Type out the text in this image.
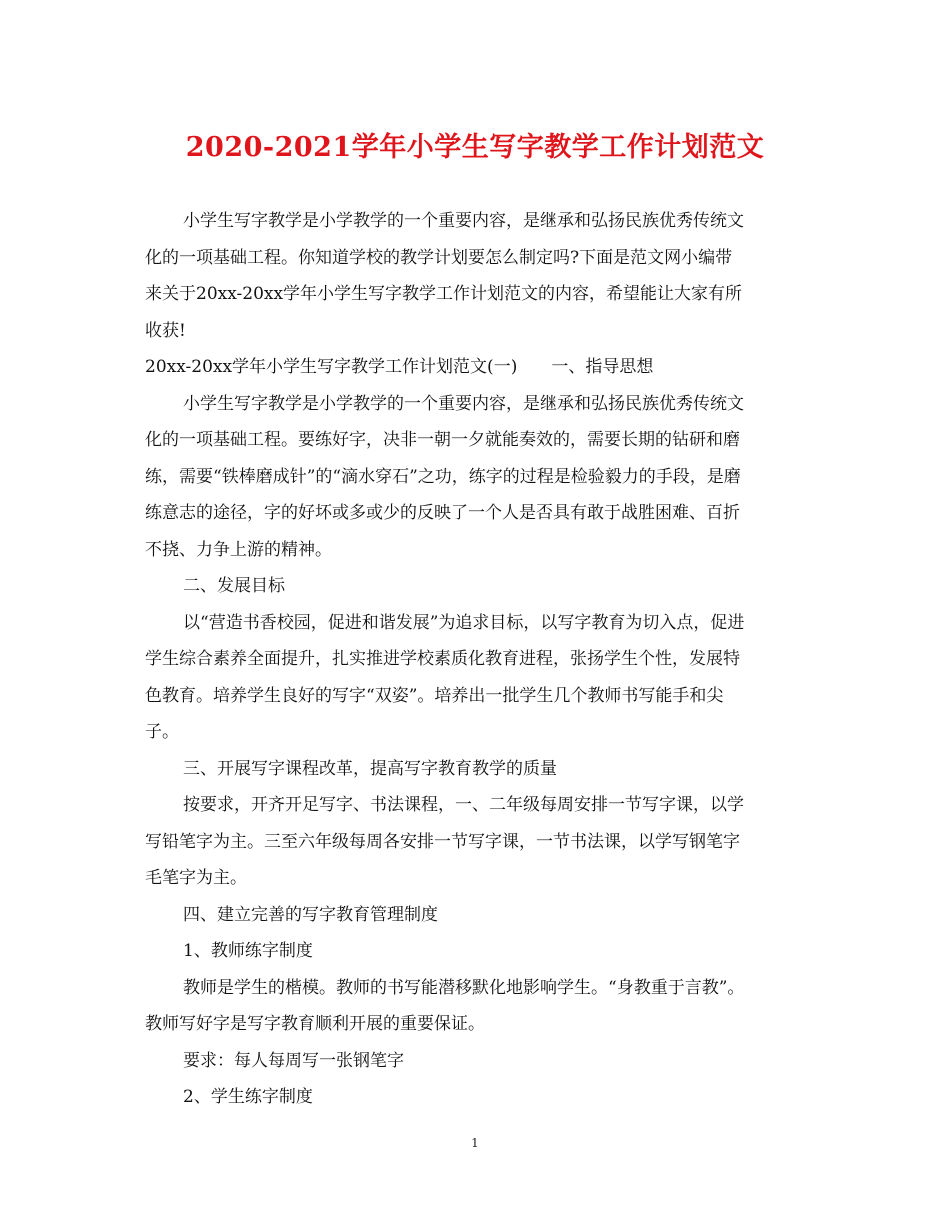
2020-2021学年小学生写字教学工作计划范文
小学生写字教学是小学教学的一个重要内容，是继承和弘扬民族优秀传统文
化的一项基础工程。你知道学校的教学计划要怎么制定吗?下面是范文网小编带
来关于20xx-20xx学年小学生写字教学工作计划范文的内容，希望能让大家有所
收获!
20xx-20xx学年小学生写字教学工作计划范文(一)　　一、指导思想
小学生写字教学是小学教学的一个重要内容，是继承和弘扬民族优秀传统文
化的一项基础工程。要练好字，决非一朝一夕就能奏效的，需要长期的钻研和磨
练，需要“铁棒磨成针”的“滴水穿石”之功，练字的过程是检验毅力的手段，是磨
练意志的途径，字的好坏或多或少的反映了一个人是否具有敢于战胜困难、百折
不挠、力争上游的精神。
二、发展目标
以“营造书香校园，促进和谐发展”为追求目标，以写字教育为切入点，促进
学生综合素养全面提升，扎实推进学校素质化教育进程，张扬学生个性，发展特
色教育。培养学生良好的写字“双姿”。培养出一批学生几个教师书写能手和尖
子。
三、开展写字课程改革，提高写字教育教学的质量
按要求，开齐开足写字、书法课程，一、二年级每周安排一节写字课，以学
写铅笔字为主。三至六年级每周各安排一节写字课，一节书法课，以学写钢笔字
毛笔字为主。
四、建立完善的写字教育管理制度
1、教师练字制度
教师是学生的楷模。教师的书写能潜移默化地影响学生。“身教重于言教”。
教师写好字是写字教育顺利开展的重要保证。
要求：每人每周写一张钢笔字
2、学生练字制度
1
